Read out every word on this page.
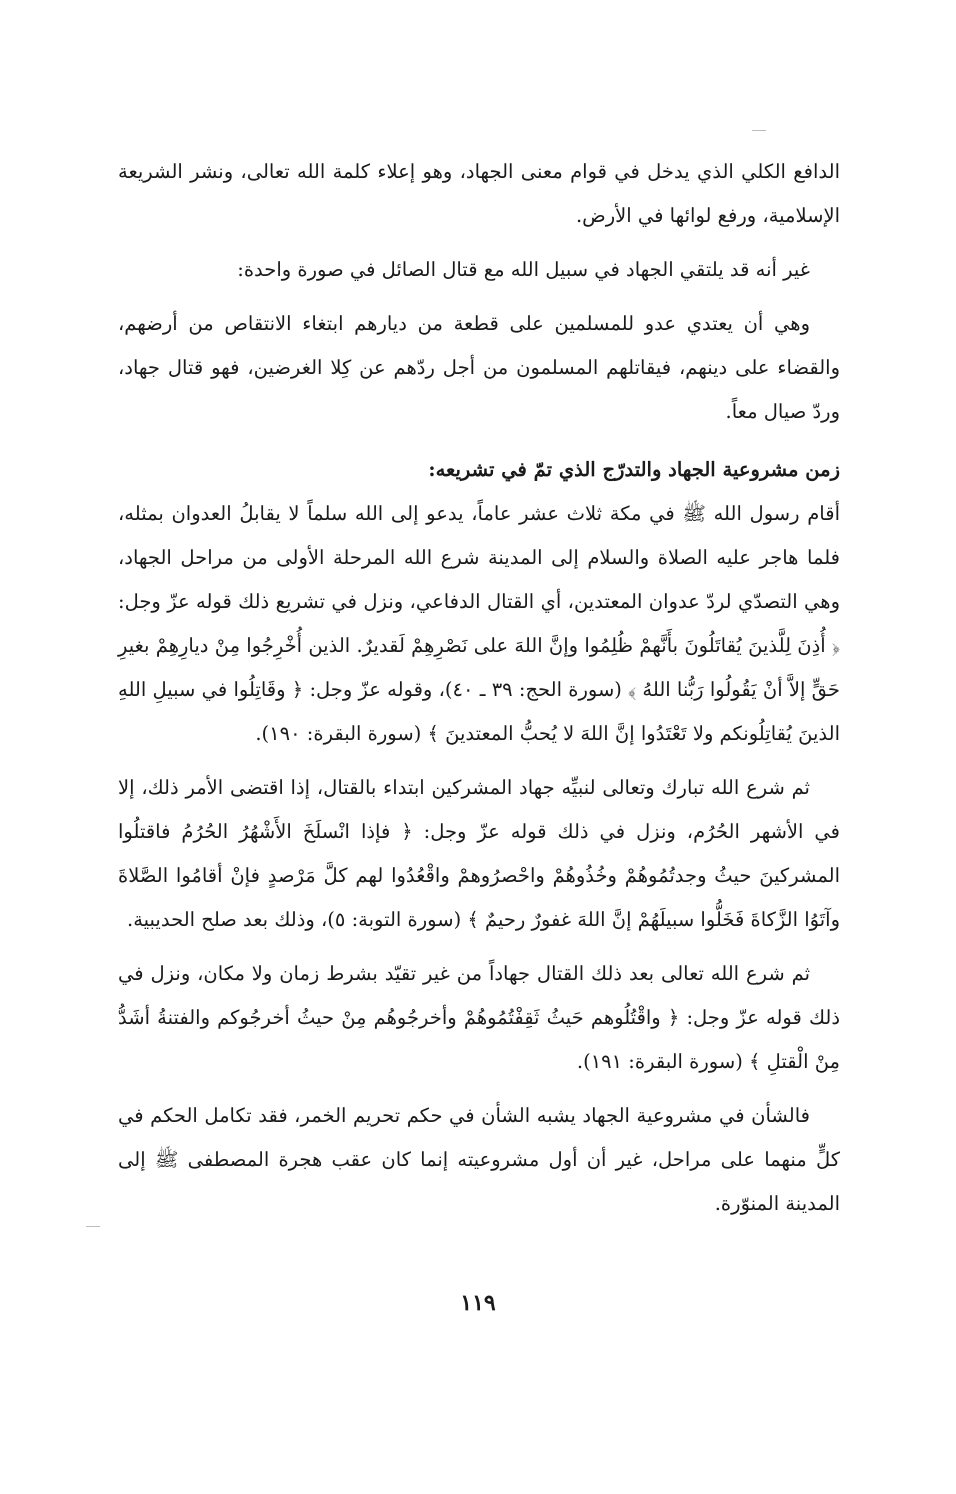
الدافع الكلي الذي يدخل في قوام معنى الجهاد، وهو إعلاء كلمة الله تعالى، ونشر الشريعة الإسلامية، ورفع لوائها في الأرض.

غير أنه قد يلتقي الجهاد في سبيل الله مع قتال الصائل في صورة واحدة:

وهي أن يعتدي عدو للمسلمين على قطعة من ديارهم ابتغاء الانتقاص من أرضهم، والقضاء على دينهم، فيقاتلهم المسلمون من أجل ردّهم عن كِلا الغرضين، فهو قتال جهاد، وردّ صيال معاً.

زمن مشروعية الجهاد والتدرّج الذي تمّ في تشريعه:

أقام رسول الله ﷺ في مكة ثلاث عشر عاماً، يدعو إلى الله سلماً لا يقابلُ العدوان بمثله، فلما هاجر عليه الصلاة والسلام إلى المدينة شرع الله المرحلة الأولى من مراحل الجهاد، وهي التصدّي لردّ عدوان المعتدين، أي القتال الدفاعي، ونزل في تشريع ذلك قوله عزّ وجل: ﴿ أُذِنَ لِلَّذينَ يُقاتَلُونَ بأَنَّهمْ ظُلِمُوا وإنَّ اللهَ على نَصْرِهِمْ لَقديرٌ. الذين أُخْرِجُوا مِنْ ديارِهِمْ بغيرِ حَقٍّ إلاَّ أنْ يَقُولُوا رَبُّنا اللهُ ﴾ (سورة الحج: ٣٩ ـ ٤٠)، وقوله عزّ وجل: ﴿ وقَاتِلُوا في سبيلِ اللهِ الذينَ يُقاتِلُونكم ولا تَعْتَدُوا إنَّ اللهَ لا يُحبُّ المعتدينَ ﴾ (سورة البقرة: ١٩٠).

ثم شرع الله تبارك وتعالى لنبيِّه جهاد المشركين ابتداء بالقتال، إذا اقتضى الأمر ذلك، إلا في الأشهر الحُرُم، ونزل في ذلك قوله عزّ وجل: ﴿ فإذا انْسلَخَ الأَشْهُرُ الحُرُمُ فاقتلُوا المشركينَ حيثُ وجدتُمُوهُمْ وخُذُوهُمْ واحْصرُوهمْ واقْعُدُوا لهم كلَّ مَرْصدٍ فإنْ أقامُوا الصَّلاةَ وآتَوُا الزَّكاةَ فَخَلُّوا سبيلَهُمْ إنَّ اللهَ غفورٌ رحيمٌ ﴾ (سورة التوبة: ٥)، وذلك بعد صلح الحديبية.

ثم شرع الله تعالى بعد ذلك القتال جهاداً من غير تقيّد بشرط زمان ولا مكان، ونزل في ذلك قوله عزّ وجل: ﴿ واقْتُلُوهم حَيثُ ثَقِفْتُمُوهُمْ وأخرجُوهُم مِنْ حيثُ أخرجُوكم والفتنةُ أشَدُّ مِنْ الْقتلِ ﴾ (سورة البقرة: ١٩١).

فالشأن في مشروعية الجهاد يشبه الشأن في حكم تحريم الخمر، فقد تكامل الحكم في كلٍّ منهما على مراحل، غير أن أول مشروعيته إنما كان عقب هجرة المصطفى ﷺ إلى المدينة المنوّرة.

١١٩
